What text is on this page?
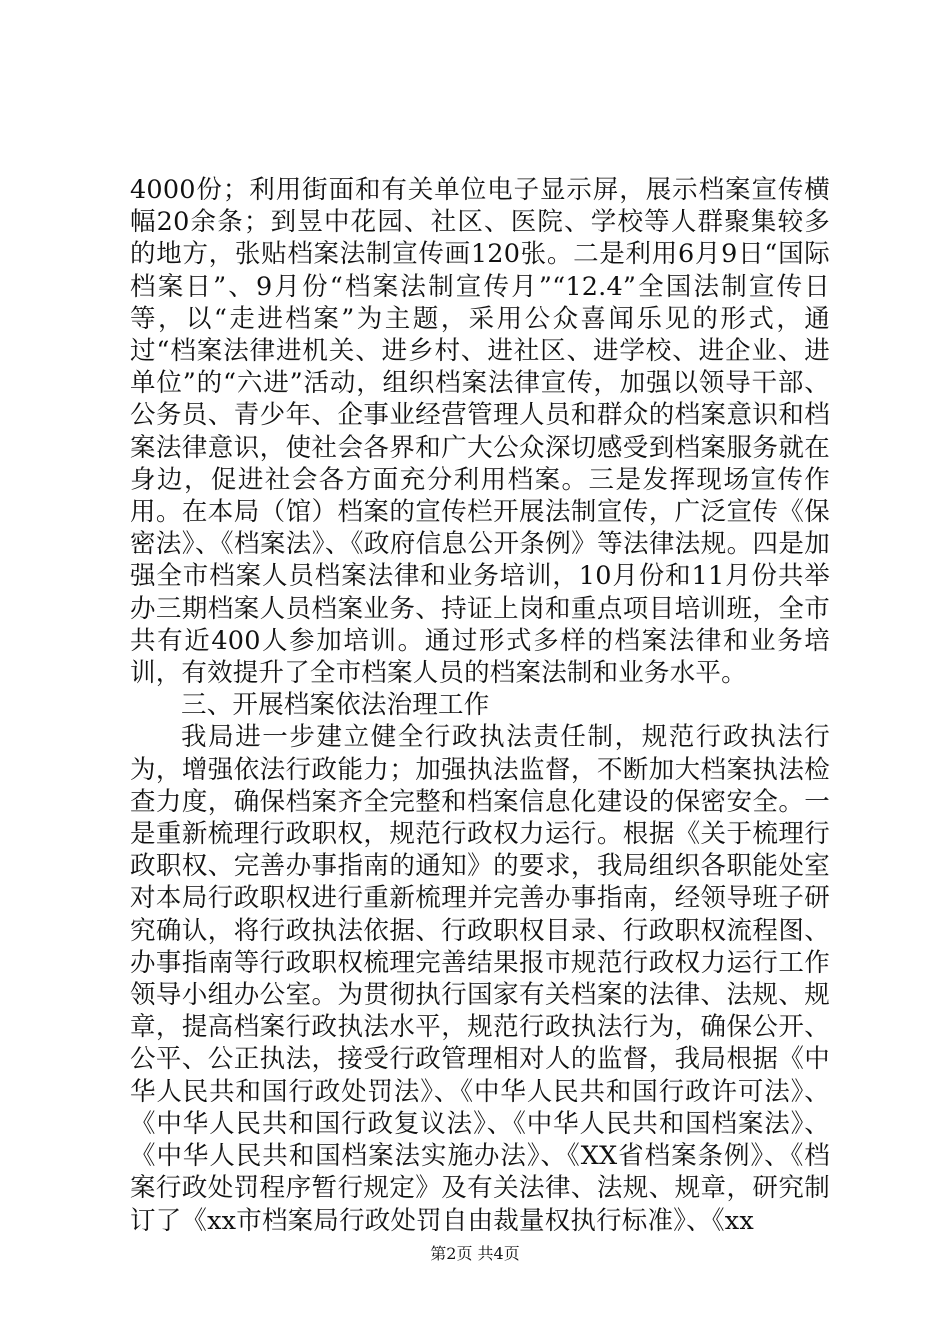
4000份；利用街面和有关单位电子显示屏，展示档案宣传横幅20余条；到昱中花园、社区、医院、学校等人群聚集较多的地方，张贴档案法制宣传画120张。二是利用6月9日“国际档案日”、9月份“档案法制宣传月”“12.4”全国法制宣传日等，以“走进档案”为主题，采用公众喜闻乐见的形式，通过“档案法律进机关、进乡村、进社区、进学校、进企业、进单位”的“六进”活动，组织档案法律宣传，加强以领导干部、公务员、青少年、企事业经营管理人员和群众的档案意识和档案法律意识，使社会各界和广大公众深切感受到档案服务就在身边，促进社会各方面充分利用档案。三是发挥现场宣传作用。在本局（馆）档案的宣传栏开展法制宣传，广泛宣传《保密法》、《档案法》、《政府信息公开条例》等法律法规。四是加强全市档案人员档案法律和业务培训，10月份和11月份共举办三期档案人员档案业务、持证上岗和重点项目培训班，全市共有近400人参加培训。通过形式多样的档案法律和业务培训，有效提升了全市档案人员的档案法制和业务水平。

三、开展档案依法治理工作

我局进一步建立健全行政执法责任制，规范行政执法行为，增强依法行政能力；加强执法监督，不断加大档案执法检查力度，确保档案齐全完整和档案信息化建设的保密安全。一是重新梳理行政职权，规范行政权力运行。根据《关于梳理行政职权、完善办事指南的通知》的要求，我局组织各职能处室对本局行政职权进行重新梳理并完善办事指南，经领导班子研究确认，将行政执法依据、行政职权目录、行政职权流程图、办事指南等行政职权梳理完善结果报市规范行政权力运行工作领导小组办公室。为贯彻执行国家有关档案的法律、法规、规章，提高档案行政执法水平，规范行政执法行为，确保公开、公平、公正执法，接受行政管理相对人的监督，我局根据《中华人民共和国行政处罚法》、《中华人民共和国行政许可法》、《中华人民共和国行政复议法》、《中华人民共和国档案法》、《中华人民共和国档案法实施办法》、《XX省档案条例》、《档案行政处罚程序暂行规定》及有关法律、法规、规章，研究制订了《xx市档案局行政处罚自由裁量权执行标准》、《xx

第2页 共4页
